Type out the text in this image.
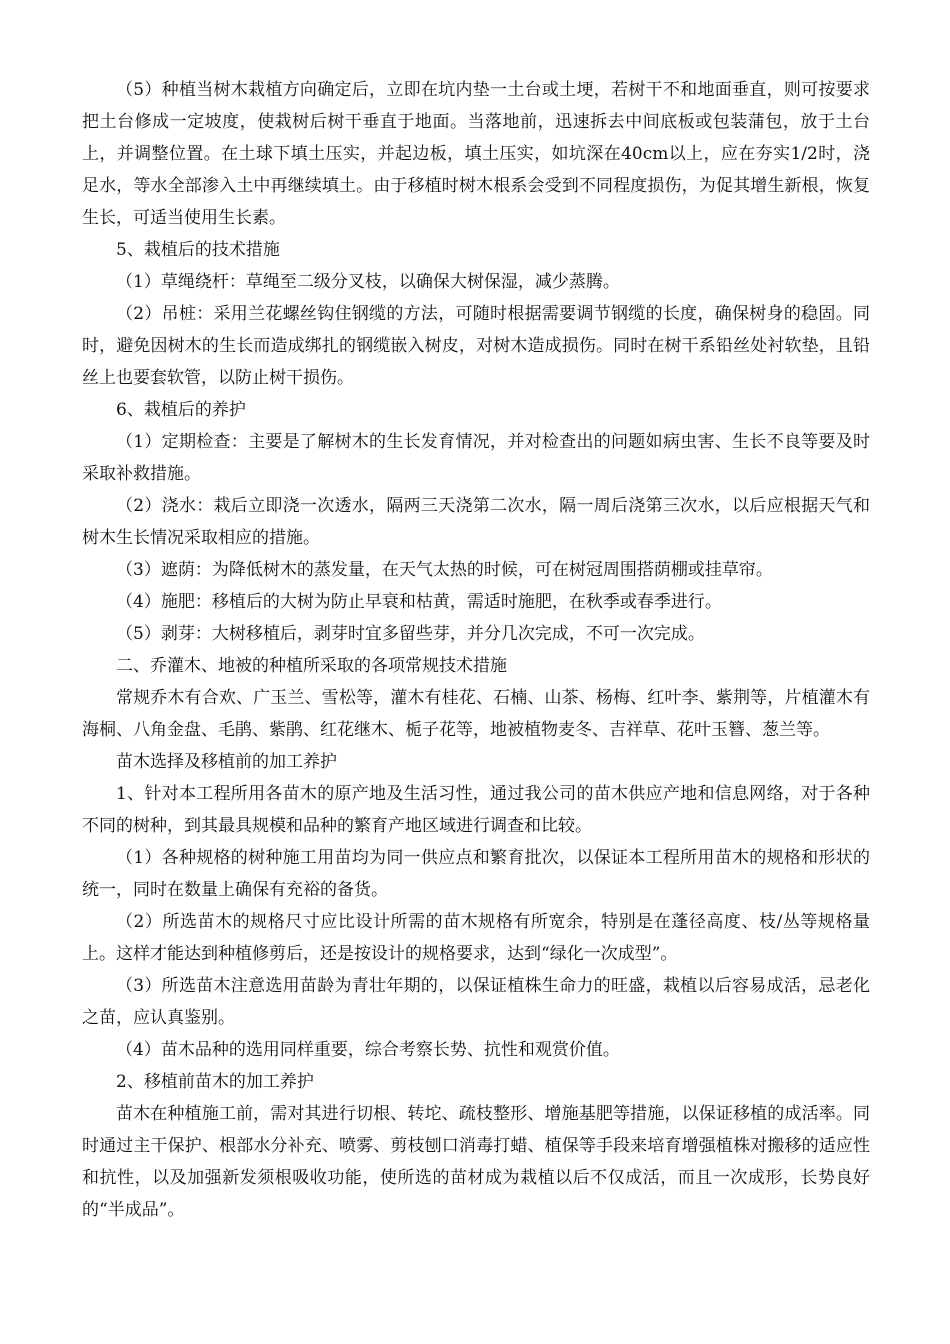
（5）种植当树木栽植方向确定后，立即在坑内垫一土台或土埂，若树干不和地面垂直，则可按要求把土台修成一定坡度，使栽树后树干垂直于地面。当落地前，迅速拆去中间底板或包装蒲包，放于土台上，并调整位置。在土球下填土压实，并起边板，填土压实，如坑深在40cm以上，应在夯实1/2时，浇足水，等水全部渗入土中再继续填土。由于移植时树木根系会受到不同程度损伤，为促其增生新根，恢复生长，可适当使用生长素。

5、栽植后的技术措施

（1）草绳绕杆：草绳至二级分叉枝，以确保大树保湿，减少蒸腾。

（2）吊桩：采用兰花螺丝钩住钢缆的方法，可随时根据需要调节钢缆的长度，确保树身的稳固。同时，避免因树木的生长而造成绑扎的钢缆嵌入树皮，对树木造成损伤。同时在树干系铅丝处衬软垫，且铅丝上也要套软管，以防止树干损伤。

6、栽植后的养护

（1）定期检查：主要是了解树木的生长发育情况，并对检查出的问题如病虫害、生长不良等要及时采取补救措施。

（2）浇水：栽后立即浇一次透水，隔两三天浇第二次水，隔一周后浇第三次水，以后应根据天气和树木生长情况采取相应的措施。

（3）遮荫：为降低树木的蒸发量，在天气太热的时候，可在树冠周围搭荫棚或挂草帘。

（4）施肥：移植后的大树为防止早衰和枯黄，需适时施肥，在秋季或春季进行。

（5）剥芽：大树移植后，剥芽时宜多留些芽，并分几次完成，不可一次完成。

二、乔灌木、地被的种植所采取的各项常规技术措施

常规乔木有合欢、广玉兰、雪松等，灌木有桂花、石楠、山茶、杨梅、红叶李、紫荆等，片植灌木有海桐、八角金盘、毛鹃、紫鹃、红花继木、栀子花等，地被植物麦冬、吉祥草、花叶玉簪、葱兰等。

苗木选择及移植前的加工养护

1、针对本工程所用各苗木的原产地及生活习性，通过我公司的苗木供应产地和信息网络，对于各种不同的树种，到其最具规模和品种的繁育产地区域进行调查和比较。

（1）各种规格的树种施工用苗均为同一供应点和繁育批次，以保证本工程所用苗木的规格和形状的统一，同时在数量上确保有充裕的备货。

（2）所选苗木的规格尺寸应比设计所需的苗木规格有所宽余，特别是在蓬径高度、枝/丛等规格量上。这样才能达到种植修剪后，还是按设计的规格要求，达到“绿化一次成型”。

（3）所选苗木注意选用苗龄为青壮年期的，以保证植株生命力的旺盛，栽植以后容易成活，忌老化之苗，应认真鉴别。

（4）苗木品种的选用同样重要，综合考察长势、抗性和观赏价值。

2、移植前苗木的加工养护

苗木在种植施工前，需对其进行切根、转坨、疏枝整形、增施基肥等措施，以保证移植的成活率。同时通过主干保护、根部水分补充、喷雾、剪枝刨口消毒打蜡、植保等手段来培育增强植株对搬移的适应性和抗性，以及加强新发须根吸收功能，使所选的苗材成为栽植以后不仅成活，而且一次成形，长势良好的“半成品”。
